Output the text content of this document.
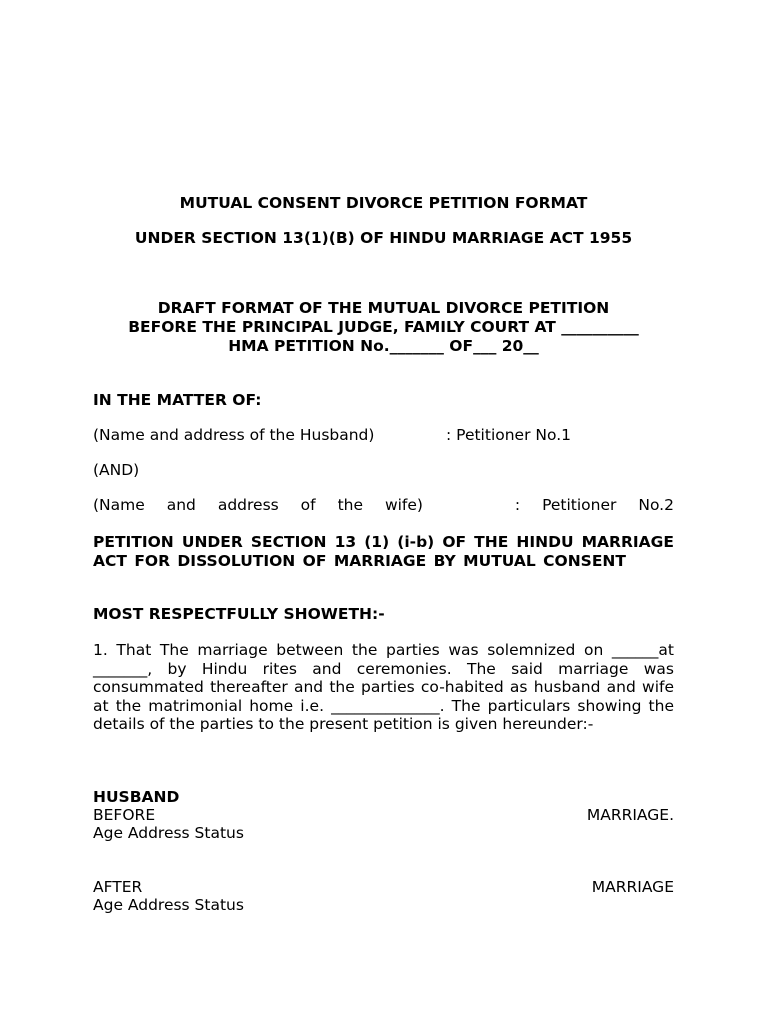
MUTUAL CONSENT DIVORCE PETITION FORMAT
UNDER SECTION 13(1)(B) OF HINDU MARRIAGE ACT 1955
DRAFT FORMAT OF THE MUTUAL DIVORCE PETITION
BEFORE THE PRINCIPAL JUDGE, FAMILY COURT AT __________
HMA PETITION No._______ OF___ 20__
IN THE MATTER OF:
(Name and address of the Husband)	: Petitioner No.1
(AND)
(Name and address of the wife)	: Petitioner No.2
PETITION UNDER SECTION 13 (1) (i-b) OF THE HINDU MARRIAGE ACT FOR DISSOLUTION OF MARRIAGE BY MUTUAL CONSENT
MOST RESPECTFULLY SHOWETH:-
1. That The marriage between the parties was solemnized on ______at _______, by Hindu rites and ceremonies. The said marriage was consummated thereafter and the parties co-habited as husband and wife at the matrimonial home i.e. ______________. The particulars showing the details of the parties to the present petition is given hereunder:-
HUSBAND
BEFORE	MARRIAGE.
Age Address Status
AFTER	MARRIAGE
Age Address Status
